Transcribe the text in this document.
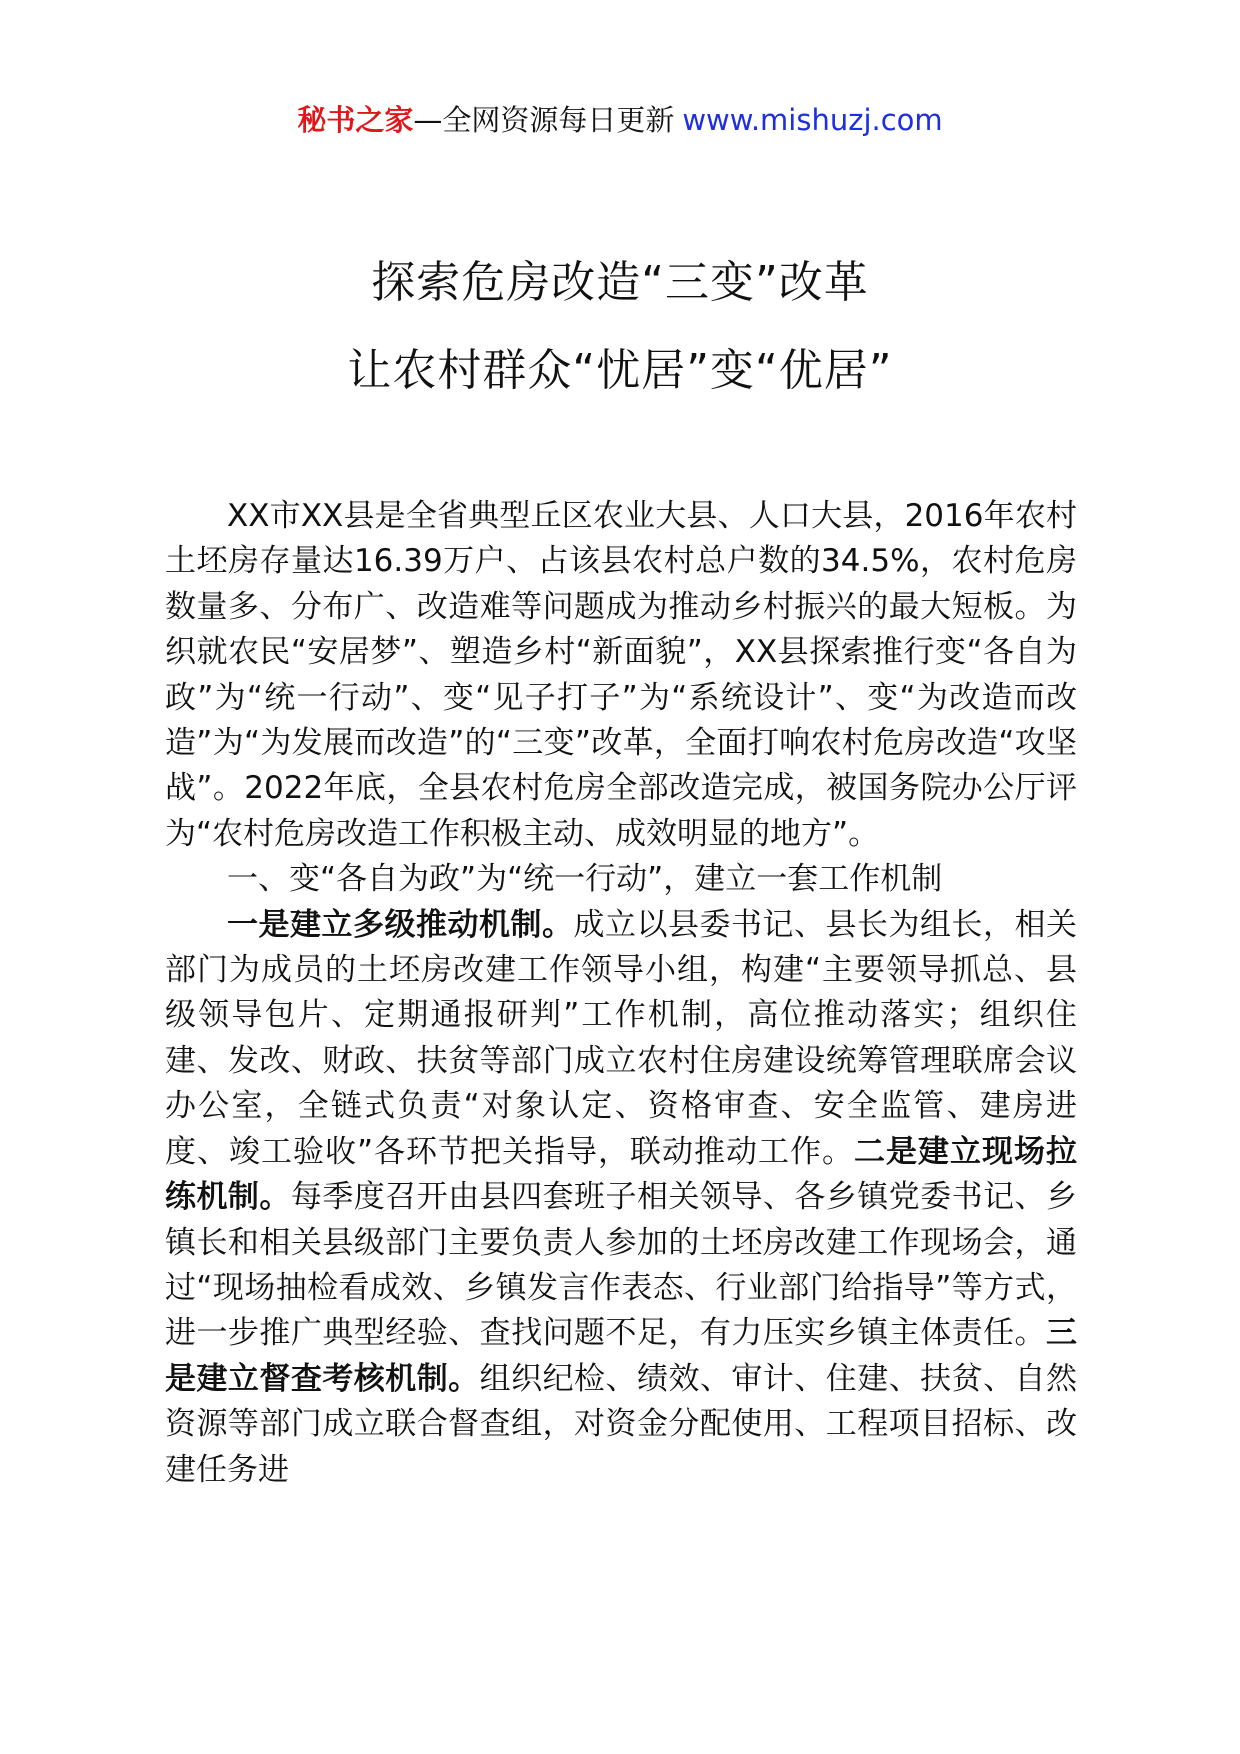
秘书之家—全网资源每日更新 www.mishuzj.com
探索危房改造“三变”改革
让农村群众“忧居”变“优居”

XX市XX县是全省典型丘区农业大县、人口大县，2016年农村土坯房存量达16.39万户、占该县农村总户数的34.5%，农村危房数量多、分布广、改造难等问题成为推动乡村振兴的最大短板。为织就农民“安居梦”、塑造乡村“新面貌”，XX县探索推行变“各自为政”为“统一行动”、变“见子打子”为“系统设计”、变“为改造而改造”为“为发展而改造”的“三变”改革，全面打响农村危房改造“攻坚战”。2022年底，全县农村危房全部改造完成，被国务院办公厅评为“农村危房改造工作积极主动、成效明显的地方”。

一、变“各自为政”为“统一行动”，建立一套工作机制

一是建立多级推动机制。成立以县委书记、县长为组长，相关部门为成员的土坯房改建工作领导小组，构建“主要领导抓总、县级领导包片、定期通报研判”工作机制，高位推动落实；组织住建、发改、财政、扶贫等部门成立农村住房建设统筹管理联席会议办公室，全链式负责“对象认定、资格审查、安全监管、建房进度、竣工验收”各环节把关指导，联动推动工作。二是建立现场拉练机制。每季度召开由县四套班子相关领导、各乡镇党委书记、乡镇长和相关县级部门主要负责人参加的土坯房改建工作现场会，通过“现场抽检看成效、乡镇发言作表态、行业部门给指导”等方式，进一步推广典型经验、查找问题不足，有力压实乡镇主体责任。三是建立督查考核机制。组织纪检、绩效、审计、住建、扶贫、自然资源等部门成立联合督查组，对资金分配使用、工程项目招标、改建任务进
